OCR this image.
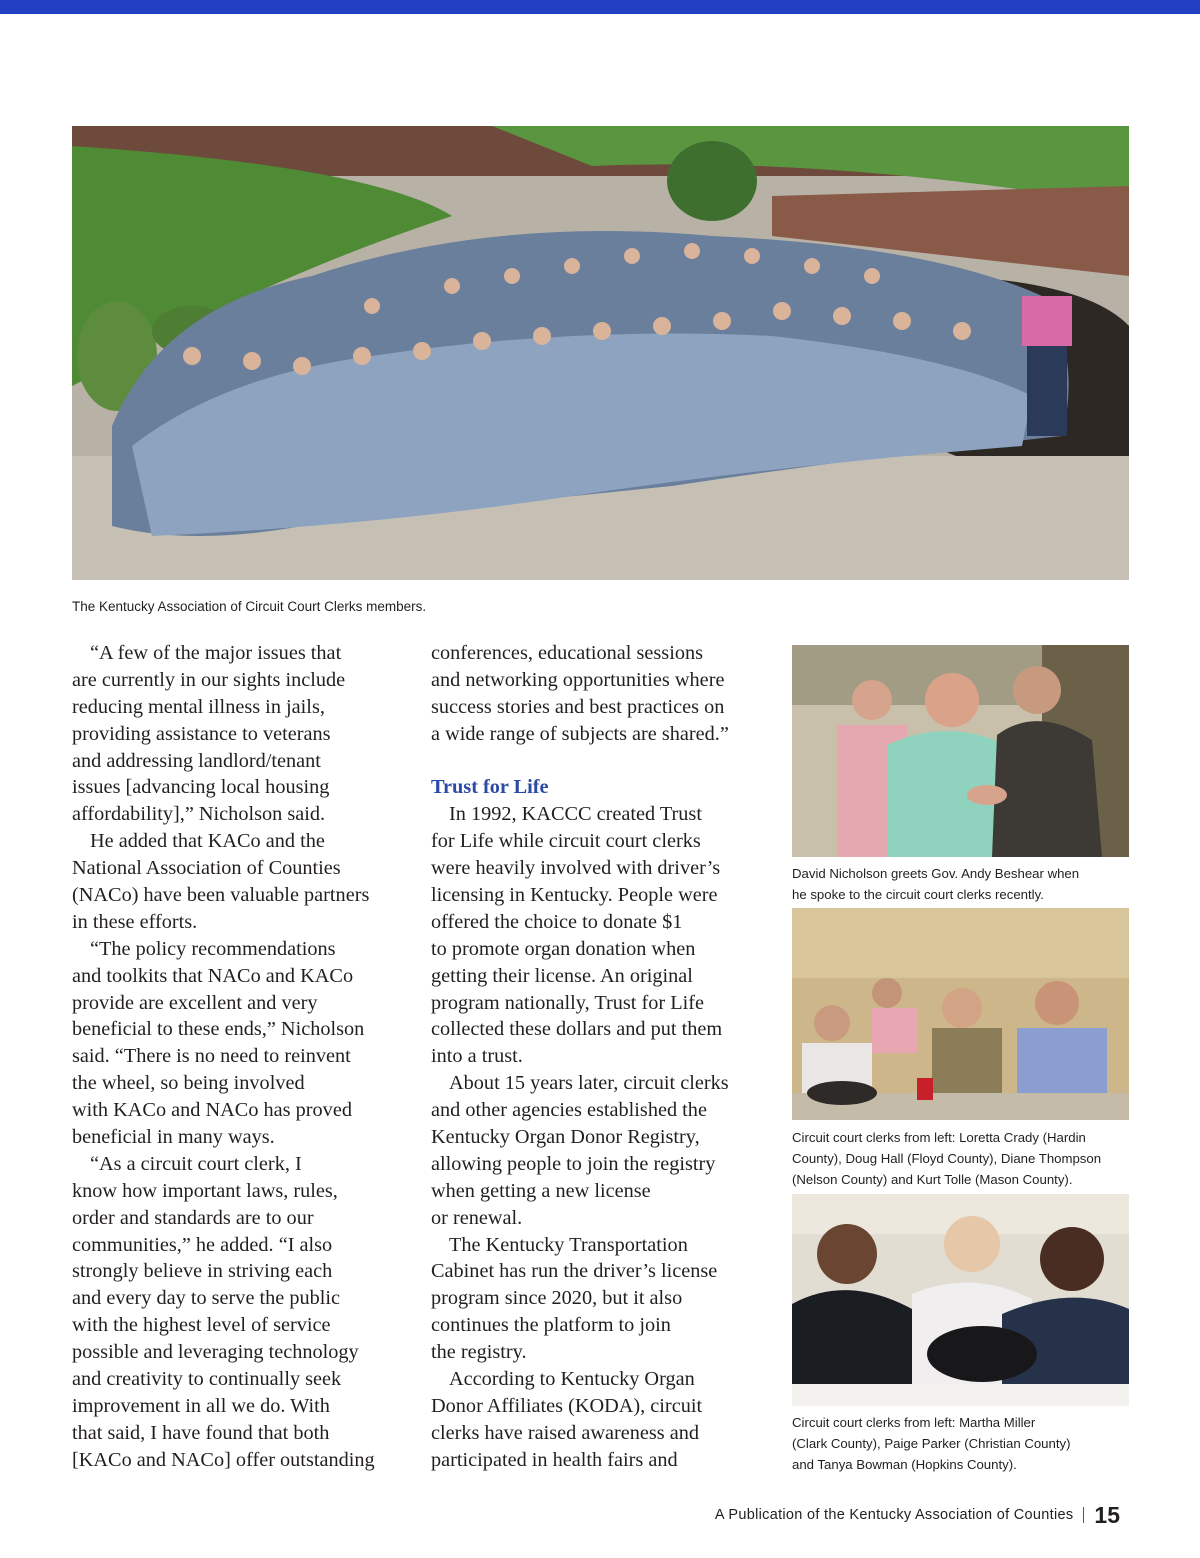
The Kentucky Association of Circuit Court Clerks members.
“A few of the major issues that
are currently in our sights include
reducing mental illness in jails,
providing assistance to veterans
and addressing landlord/tenant
issues [advancing local housing
affordability],” Nicholson said.
He added that KACo and the
National Association of Counties
(NACo) have been valuable partners
in these efforts.
“The policy recommendations
and toolkits that NACo and KACo
provide are excellent and very
beneficial to these ends,” Nicholson
said. “There is no need to reinvent
the wheel, so being involved
with KACo and NACo has proved
beneficial in many ways.
“As a circuit court clerk, I
know how important laws, rules,
order and standards are to our
communities,” he added. “I also
strongly believe in striving each
and every day to serve the public
with the highest level of service
possible and leveraging technology
and creativity to continually seek
improvement in all we do. With
that said, I have found that both
[KACo and NACo] offer outstanding
conferences, educational sessions
and networking opportunities where
success stories and best practices on
a wide range of subjects are shared.”
Trust for Life
In 1992, KACCC created Trust
for Life while circuit court clerks
were heavily involved with driver’s
licensing in Kentucky. People were
offered the choice to donate $1
to promote organ donation when
getting their license. An original
program nationally, Trust for Life
collected these dollars and put them
into a trust.
About 15 years later, circuit clerks
and other agencies established the
Kentucky Organ Donor Registry,
allowing people to join the registry
when getting a new license
or renewal.
The Kentucky Transportation
Cabinet has run the driver’s license
program since 2020, but it also
continues the platform to join
the registry.
According to Kentucky Organ
Donor Affiliates (KODA), circuit
clerks have raised awareness and
participated in health fairs and
David Nicholson greets Gov. Andy Beshear when
he spoke to the circuit court clerks recently.
Circuit court clerks from left: Loretta Crady (Hardin
County), Doug Hall (Floyd County), Diane Thompson
(Nelson County) and Kurt Tolle (Mason County).
Circuit court clerks from left: Martha Miller
(Clark County), Paige Parker (Christian County)
and Tanya Bowman (Hopkins County).
A Publication of the Kentucky Association of Counties 15
